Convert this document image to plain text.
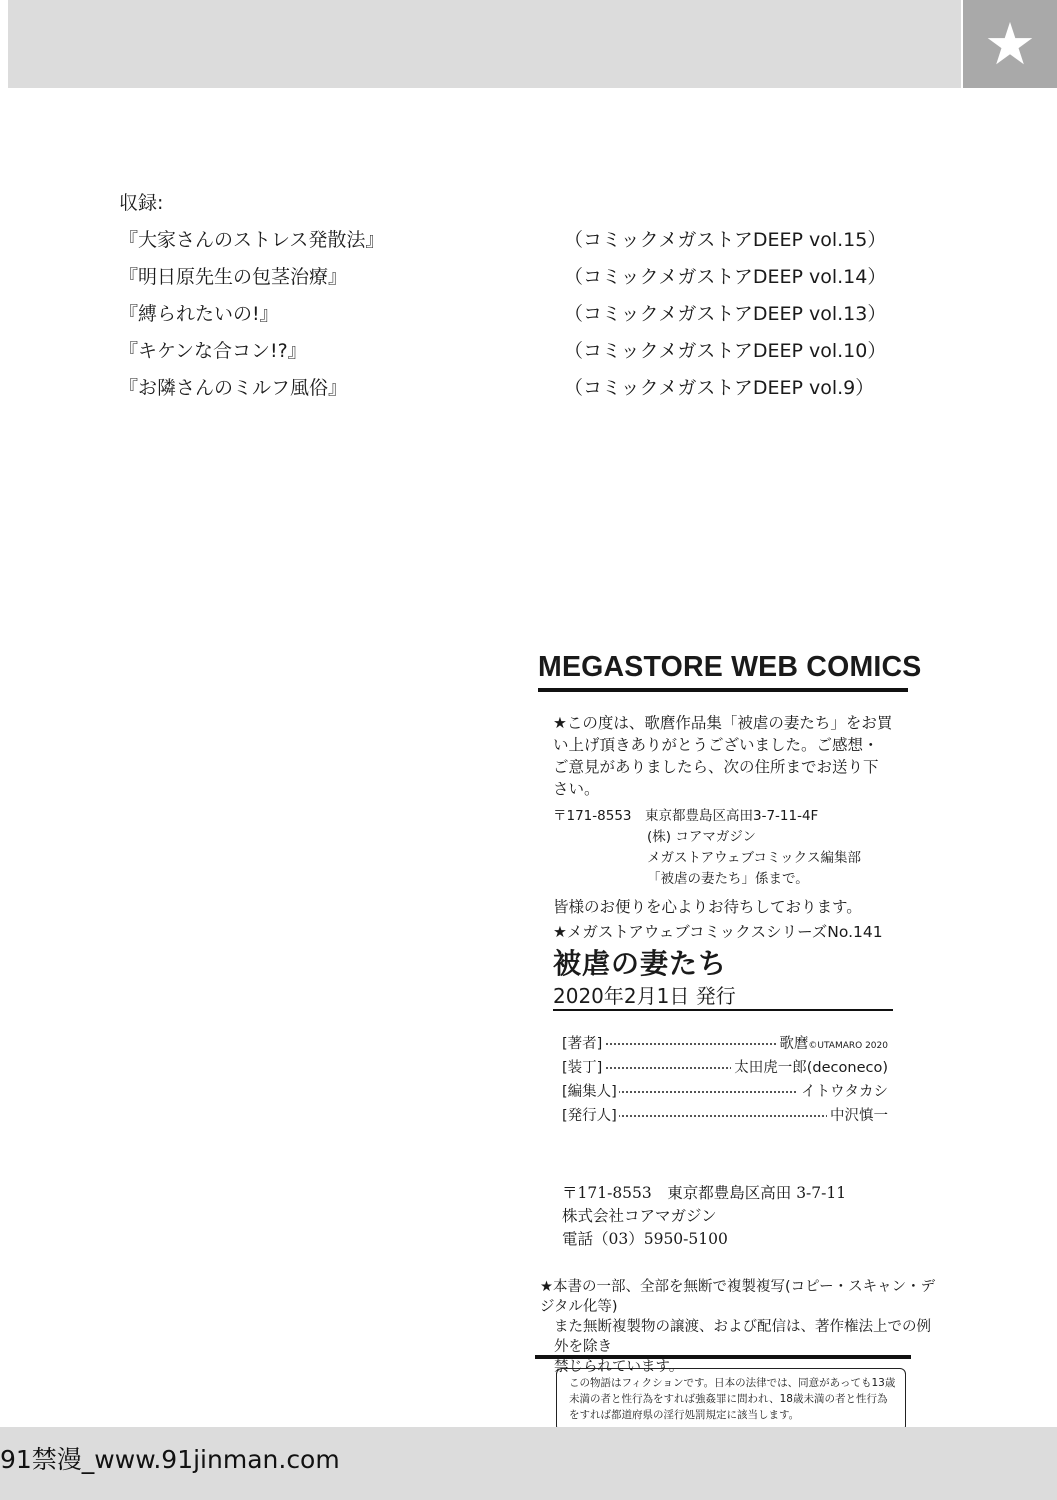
★
収録:
『大家さんのストレス発散法』	（コミックメガストアDEEP vol.15）
『明日原先生の包茎治療』	（コミックメガストアDEEP vol.14）
『縛られたいの!』	（コミックメガストアDEEP vol.13）
『キケンな合コン!?』	（コミックメガストアDEEP vol.10）
『お隣さんのミルフ風俗』	（コミックメガストアDEEP vol.9）
MEGASTORE WEB COMICS
★この度は、歌麿作品集「被虐の妻たち」をお買い上げ頂きありがとうございました。ご感想・ご意見がありましたら、次の住所までお送り下さい。
〒171-8553　東京都豊島区高田3-7-11-4F
(株) コアマガジン
メガストアウェブコミックス編集部
「被虐の妻たち」係まで。
皆様のお便りを心よりお待ちしております。
★メガストアウェブコミックスシリーズNo.141
被虐の妻たち
2020年2月1日 発行
[著者]	歌麿©UTAMARO 2020
[装丁]	太田虎一郎(deconeco)
[編集人]	イトウタカシ
[発行人]	中沢慎一
〒171-8553　東京都豊島区高田 3-7-11
株式会社コアマガジン
電話（03）5950-5100
★本書の一部、全部を無断で複製複写(コピー・スキャン・デジタル化等)
また無断複製物の譲渡、および配信は、著作権法上での例外を除き
禁じられています。
この物語はフィクションです。日本の法律では、同意があっても13歳未満の者と性行為をすれば強姦罪に問われ、18歳未満の者と性行為をすれば都道府県の淫行処罰規定に該当します。
91禁漫_www.91jinman.com
